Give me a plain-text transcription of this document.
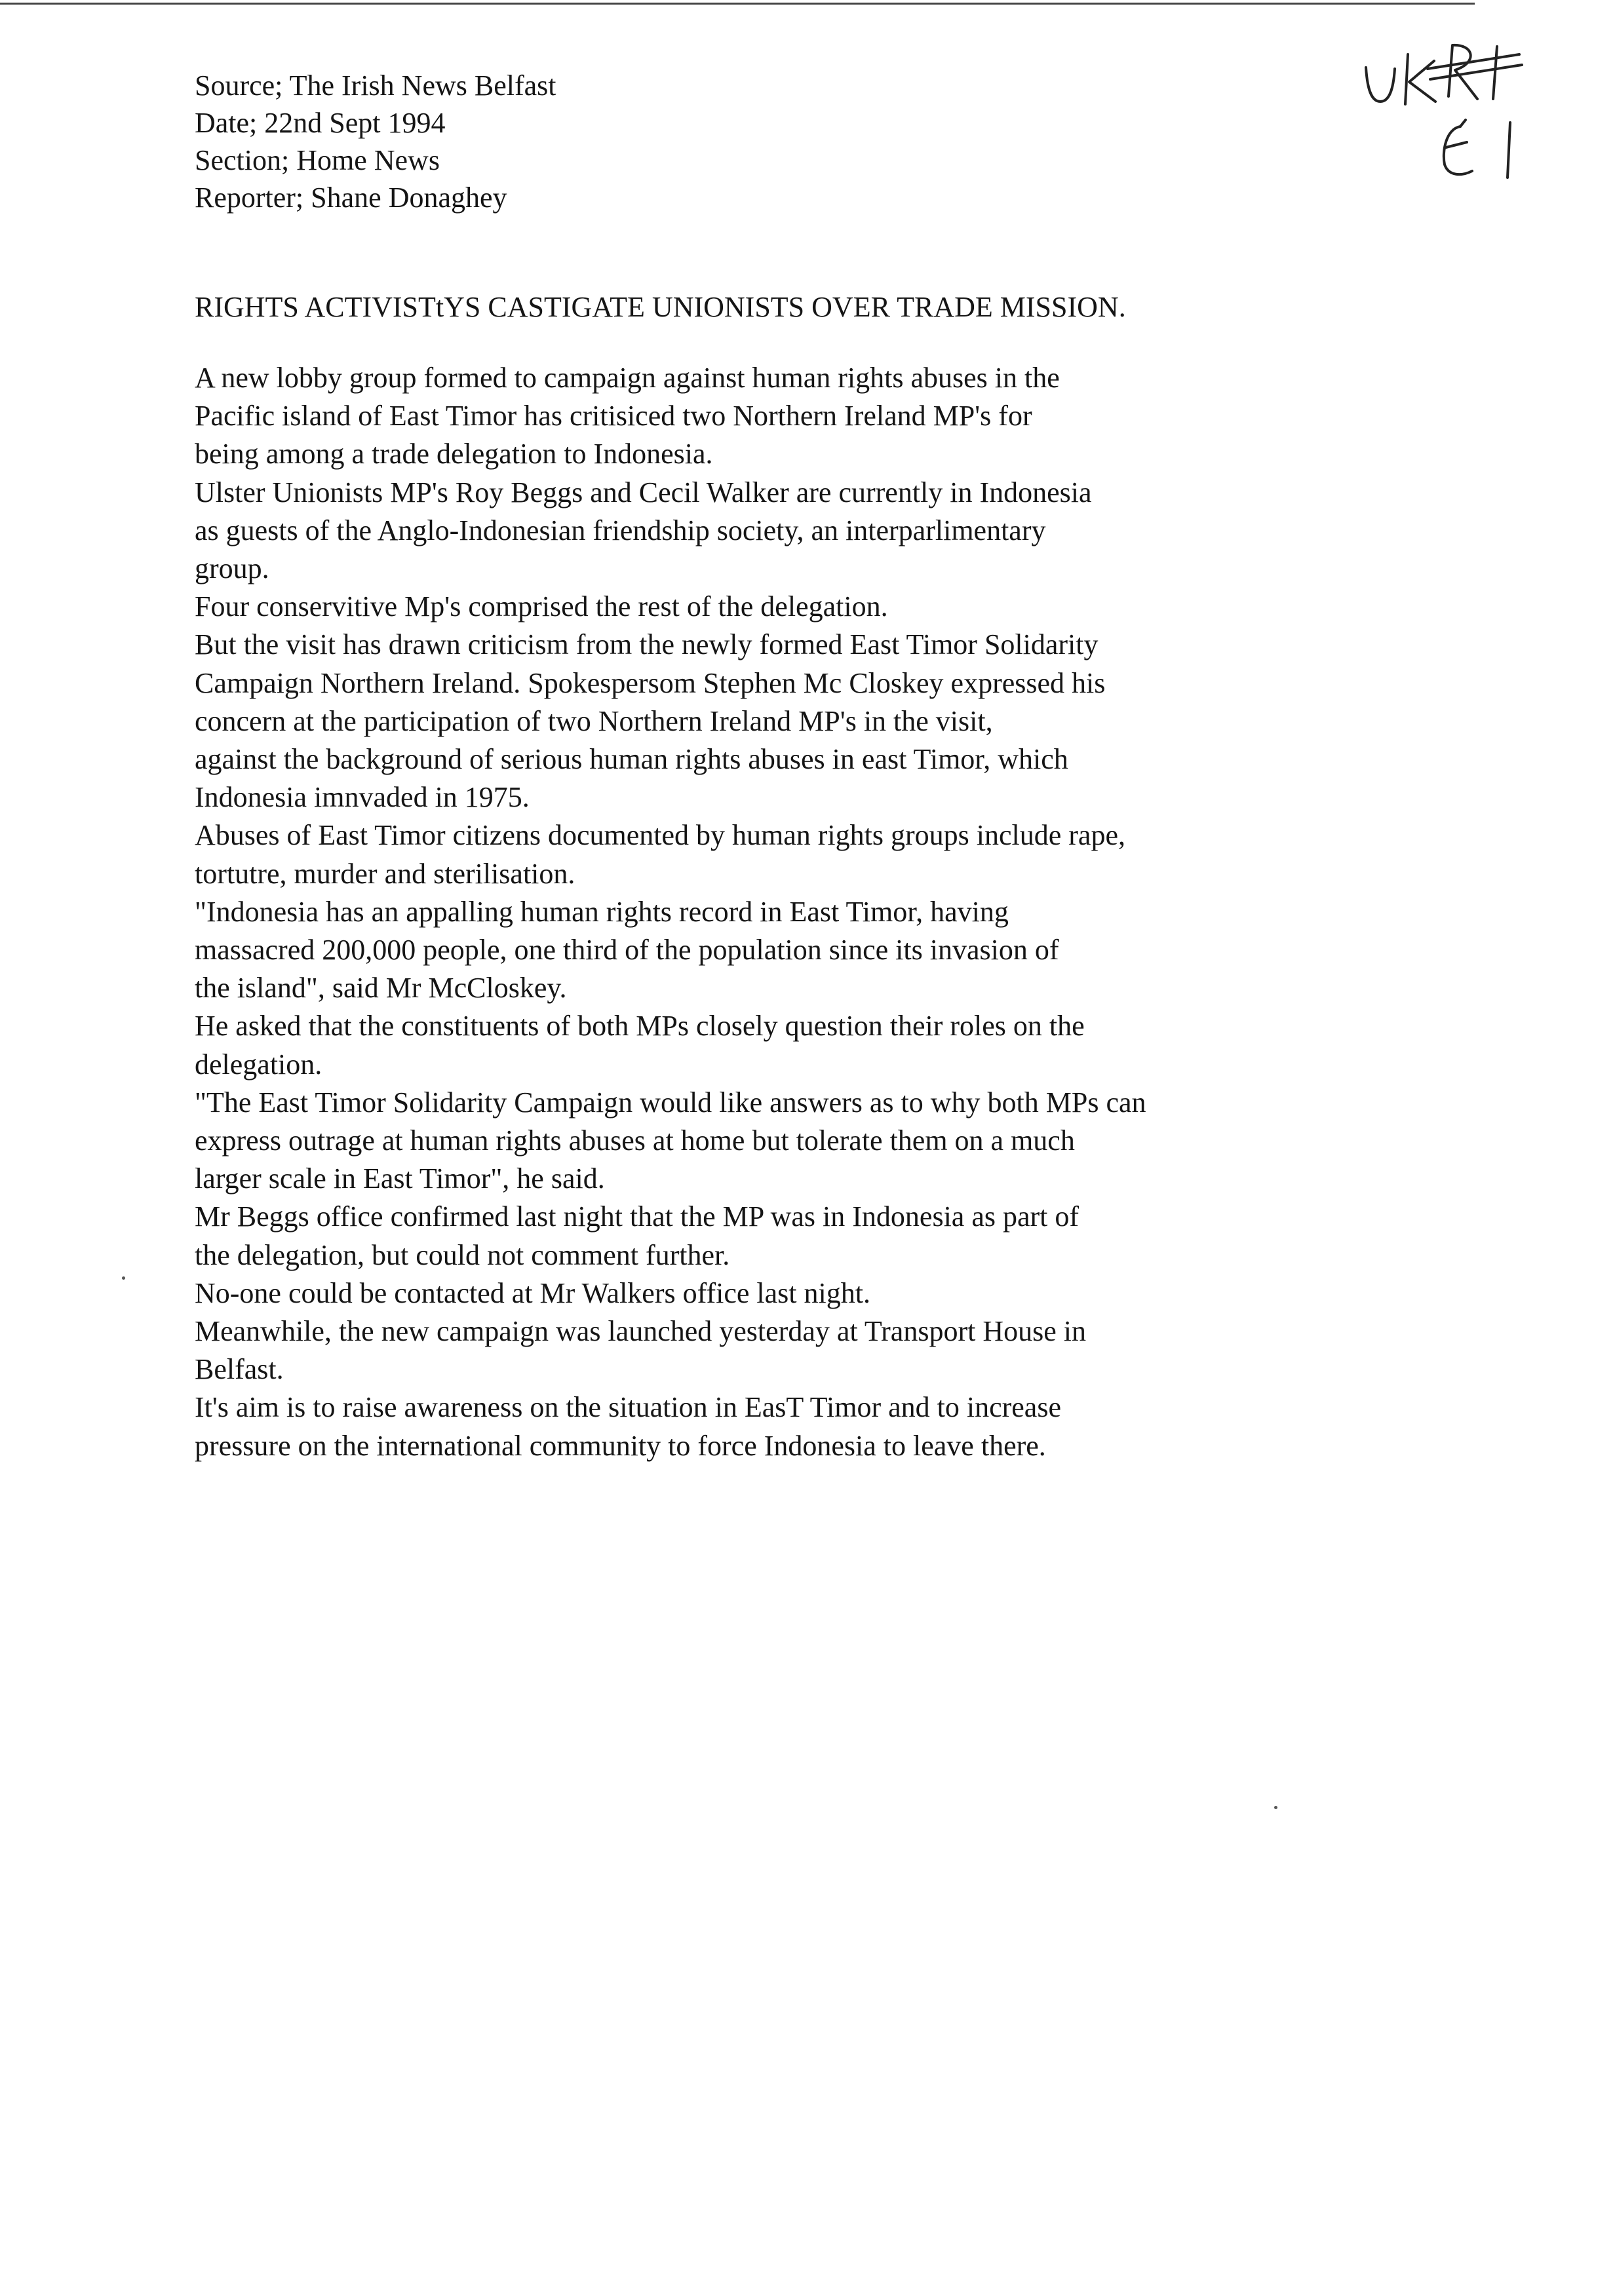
Source; The Irish News Belfast
Date; 22nd Sept 1994
Section; Home News
Reporter; Shane Donaghey
RIGHTS ACTIVISTtYS CASTIGATE UNIONISTS OVER TRADE MISSION.
A new lobby group formed to campaign against human rights abuses in the
Pacific island of East Timor has critisiced two Northern Ireland MP's for
being among a trade delegation to Indonesia.
Ulster Unionists MP's Roy Beggs and Cecil Walker are currently in Indonesia
as guests of the Anglo-Indonesian friendship society, an interparlimentary
group.
Four conservitive Mp's comprised the rest of the delegation.
But the visit has drawn criticism from the newly formed East Timor Solidarity
Campaign Northern Ireland. Spokespersom Stephen Mc Closkey expressed his
concern at the participation of two Northern Ireland MP's in the visit,
against the background of serious human rights abuses in east Timor, which
Indonesia imnvaded in 1975.
Abuses of East Timor citizens documented by human rights groups include rape,
tortutre, murder and sterilisation.
"Indonesia has an appalling human rights record in East Timor, having
massacred 200,000 people, one third of the population since its invasion of
the island", said Mr McCloskey.
He asked that the constituents of both MPs closely question their roles on the
delegation.
"The East Timor Solidarity Campaign would like answers as to why both MPs can
express outrage at human rights abuses at home but tolerate them on a much
larger scale in East Timor", he said.
Mr Beggs office confirmed last night that the MP was in Indonesia as part of
the delegation, but could not comment further.
No-one could be contacted at Mr Walkers office last night.
Meanwhile, the new campaign was launched yesterday at Transport House in
Belfast.
It's aim is to raise awareness on the situation in EasT Timor and to increase
pressure on the international community to force Indonesia to leave there.
